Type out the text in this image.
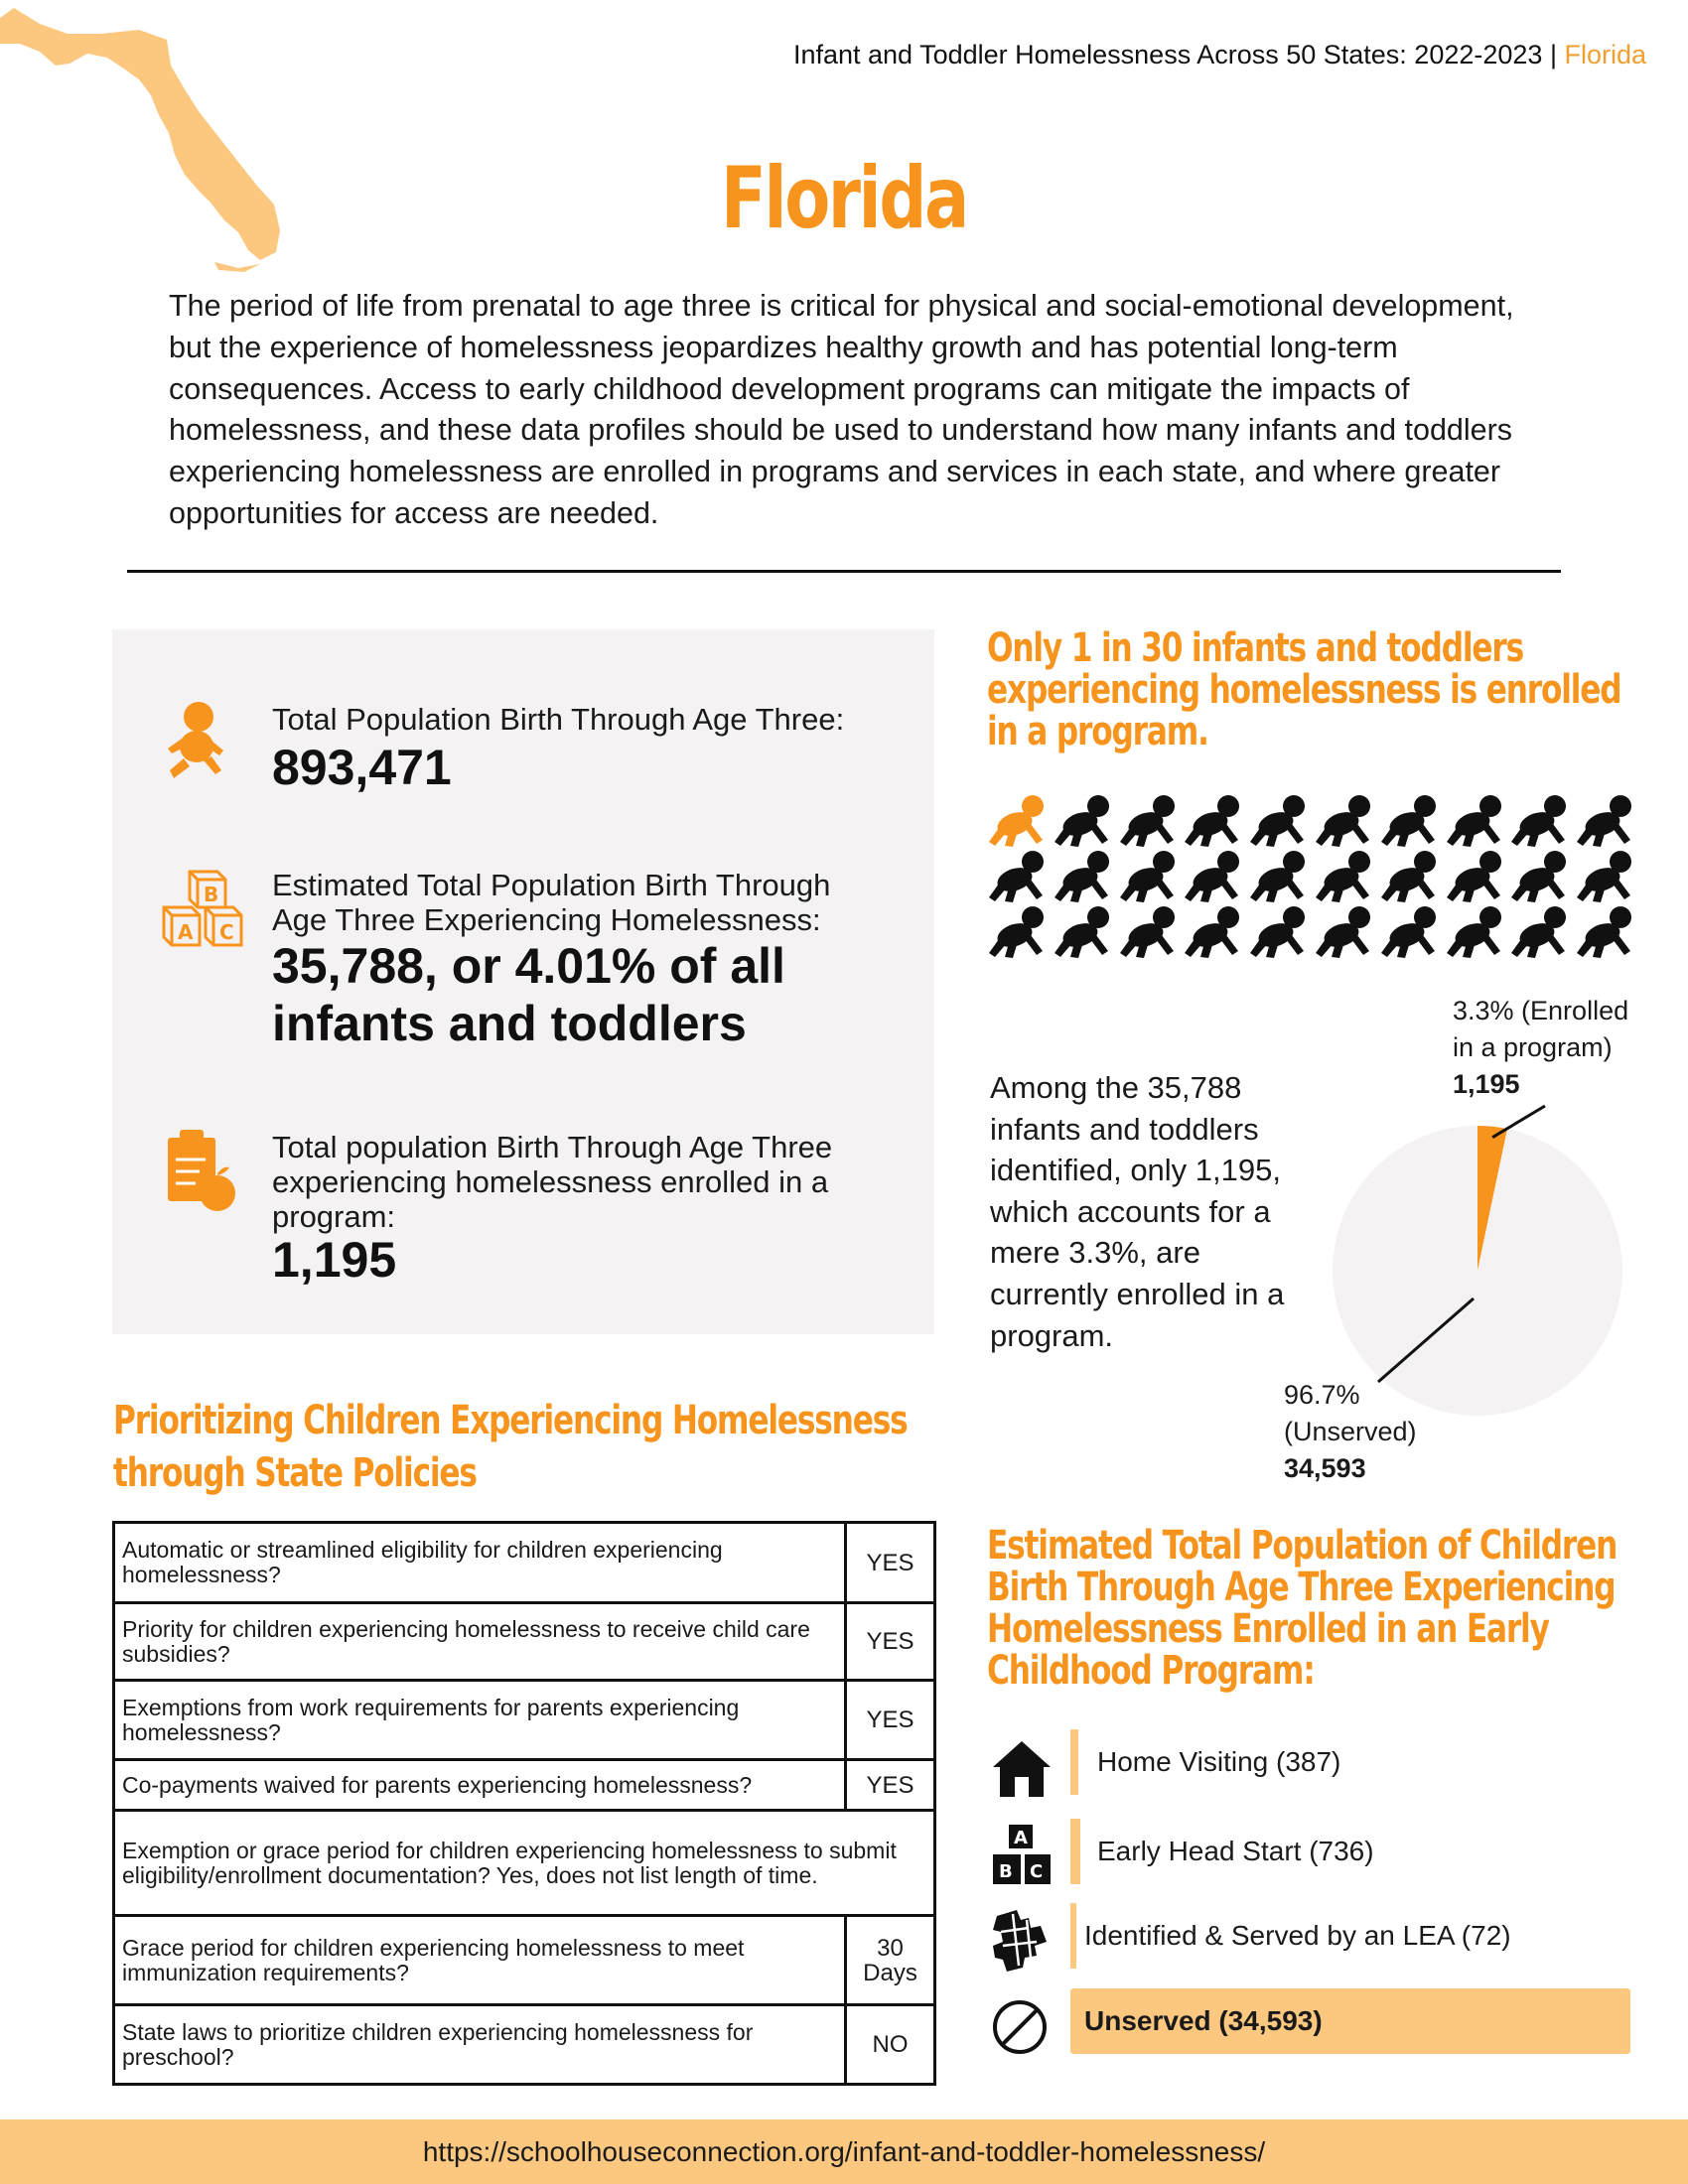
Infant and Toddler Homelessness Across 50 States: 2022-2023 | Florida
Florida

The period of life from prenatal to age three is critical for physical and social-emotional development, but the experience of homelessness jeopardizes healthy growth and has potential long-term consequences. Access to early childhood development programs can mitigate the impacts of homelessness, and these data profiles should be used to understand how many infants and toddlers experiencing homelessness are enrolled in programs and services in each state, and where greater opportunities for access are needed.

Total Population Birth Through Age Three:
893,471
B
A C
Estimated Total Population Birth Through
Age Three Experiencing Homelessness:
35,788, or 4.01% of all
infants and toddlers
Total population Birth Through Age Three
experiencing homelessness enrolled in a
program:
1,195
Only 1 in 30 infants and toddlers
experiencing homelessness is enrolled
in a program.

Among the 35,788 infants and toddlers identified, only 1,195, which accounts for a mere 3.3%, are currently enrolled in a program.

3.3% (Enrolled
in a program)
1,195
96.7%
(Unserved)
34,593
Prioritizing Children Experiencing Homelessness
through State Policies
Automatic or streamlined eligibility for children experiencing homelessness?	YES
Priority for children experiencing homelessness to receive child care subsidies?	YES
Exemptions from work requirements for parents experiencing homelessness?	YES
Co-payments waived for parents experiencing homelessness?	YES
Exemption or grace period for children experiencing homelessness to submit eligibility/enrollment documentation? Yes, does not list length of time.	
Grace period for children experiencing homelessness to meet immunization requirements?	30 Days
State laws to prioritize children experiencing homelessness for preschool?	NO
Estimated Total Population of Children
Birth Through Age Three Experiencing
Homelessness Enrolled in an Early
Childhood Program:
Home Visiting (387)
A
B C
Early Head Start (736)
Identified & Served by an LEA (72)
Unserved (34,593)
https://schoolhouseconnection.org/infant-and-toddler-homelessness/
